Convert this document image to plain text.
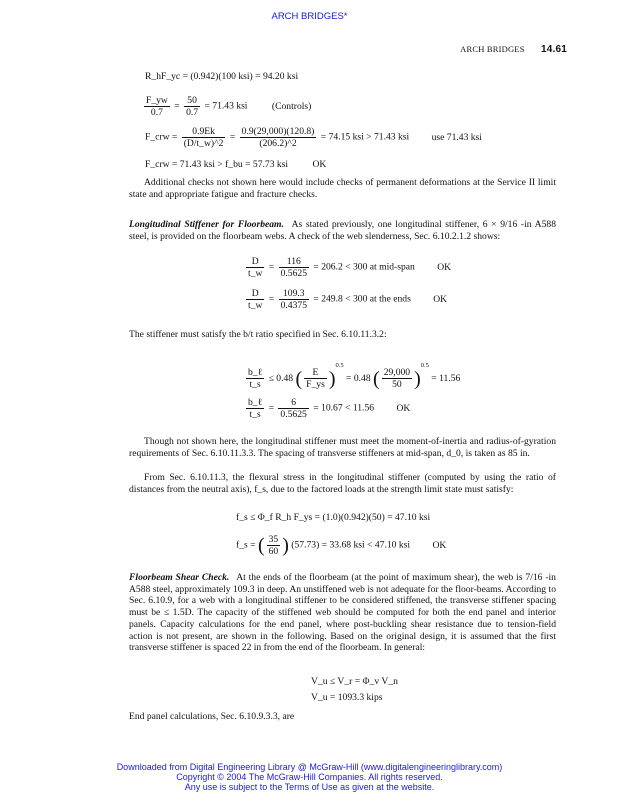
ARCH BRIDGES*
ARCH BRIDGES 14.61
R_hF_yc = (0.942)(100 ksi) = 94.20 ksi
$\frac{F\_yw}{0.7} = \frac{50}{0.7} = 71.43$ ksi	(Controls)
F_crw = $\frac{0.9Ek}{(D/t\_w)\^{}2} = \frac{0.9(29,000)(120.8)}{(206.2)\^{}2} = 74.15$ ksi > 71.43 ksi use 71.43 ksi
F_crw = 71.43 ksi > f_bu = 57.73 ksi	OK
Additional checks not shown here would include checks of permanent deformations at the Service II limit state and appropriate fatigue and fracture checks.
Longitudinal Stiffener for Floorbeam. As stated previously, one longitudinal stiffener, 6 × 9/16 -in A588 steel, is provided on the floorbeam webs. A check of the web slenderness, Sec. 6.10.2.1.2 shows:
$\frac{D}{t\_w} = \frac{116}{0.5625} = 206.2 < 300$ at mid-span OK
$\frac{D}{t\_w} = \frac{109.3}{0.4375} = 249.8 < 300$ at the ends OK
The stiffener must satisfy the b/t ratio specified in Sec. 6.10.11.3.2:
$\frac{\text{b\_ℓ}}{t\_s} \le 0.48$ ( $\frac{E}{F\_ys} )^{0.5} = 0.48$ ( $\frac{29,000}{50} )^{0.5} = 11.56$
$\frac{\text{b\_ℓ}}{t\_s} = \frac{6}{0.5625} = 10.67 < 11.56$ OK
Though not shown here, the longitudinal stiffener must meet the moment-of-inertia and radius-of-gyration requirements of Sec. 6.10.11.3.3. The spacing of transverse stiffeners at mid-span, d_0, is taken as 85 in.
From Sec. 6.10.11.3, the flexural stress in the longitudinal stiffener (computed by using the ratio of distances from the neutral axis), f_s, due to the factored loads at the strength limit state must satisfy:
f_s ≤ Φ_f R_h F_ys = (1.0)(0.942)(50) = 47.10 ksi
f_s = ( $\frac{35}{60}$ ) (57.73) = 33.68 ksi < 47.10 ksi OK
Floorbeam Shear Check. At the ends of the floorbeam (at the point of maximum shear), the web is 7/16 -in A588 steel, approximately 109.3 in deep. An unstiffened web is not adequate for the floor-beams. According to Sec. 6.10.9, for a web with a longitudinal stiffener to be considered stiffened, the transverse stiffener spacing must be ≤ 1.5D. The capacity of the stiffened web should be computed for both the end panel and interior panels. Capacity calculations for the end panel, where post-buckling shear resistance due to tension-field action is not present, are shown in the following. Based on the original design, it is assumed that the first transverse stiffener is spaced 22 in from the end of the floorbeam. In general:
V_u ≤ V_r = Φ_v V_n
V_u = 1093.3 kips
End panel calculations, Sec. 6.10.9.3.3, are
Downloaded from Digital Engineering Library @ McGraw-Hill (www.digitalengineeringlibrary.com)
Copyright © 2004 The McGraw-Hill Companies. All rights reserved.
Any use is subject to the Terms of Use as given at the website.
